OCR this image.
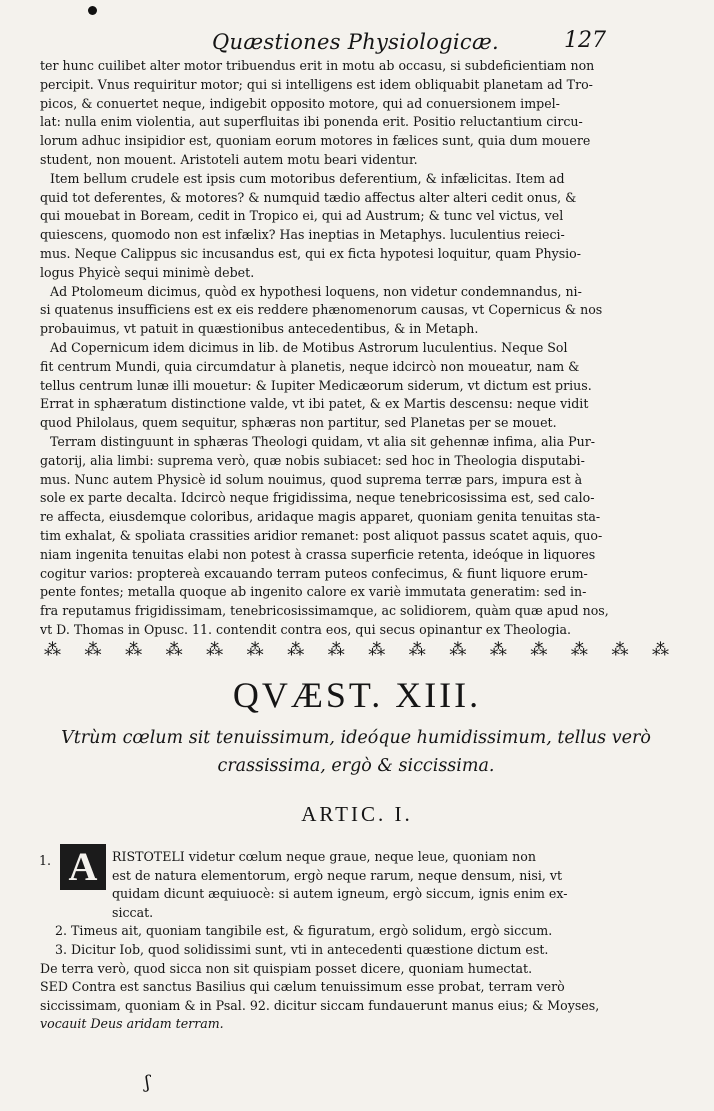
Quæstiones Physiologicæ.	127
ter hunc cuilibet alter motor tribuendus erit in motu ab occasu, si subdeficientiam non
percipit. Vnus requiritur motor; qui si intelligens est idem obliquabit planetam ad Tro-
picos, & conuertet neque, indigebit opposito motore, qui ad conuersionem impel-
lat: nulla enim violentia, aut superfluitas ibi ponenda erit. Positio reluctantium circu-
lorum adhuc insipidior est, quoniam eorum motores in fælices sunt, quia dum mouere
student, non mouent. Aristoteli autem motu beari videntur.
Item bellum crudele est ipsis cum motoribus deferentium, & infælicitas. Item ad
quid tot deferentes, & motores? & numquid tædio affectus alter alteri cedit onus, &
qui mouebat in Boream, cedit in Tropico ei, qui ad Austrum; & tunc vel victus, vel
quiescens, quomodo non est infælix? Has ineptias in Metaphys. luculentius reieci-
mus. Neque Calippus sic incusandus est, qui ex ficta hypotesi loquitur, quam Physio-
logus Phyicè sequi minimè debet.
Ad Ptolomeum dicimus, quòd ex hypothesi loquens, non videtur condemnandus, ni-
si quatenus insufficiens est ex eis reddere phænomenorum causas, vt Copernicus & nos
probauimus, vt patuit in quæstionibus antecedentibus, & in Metaph.
Ad Copernicum idem dicimus in lib. de Motibus Astrorum luculentius. Neque Sol
fit centrum Mundi, quia circumdatur à planetis, neque idcircò non moueatur, nam &
tellus centrum lunæ illi mouetur: & Iupiter Medicæorum siderum, vt dictum est prius.
Errat in sphæratum distinctione valde, vt ibi patet, & ex Martis descensu: neque vidit
quod Philolaus, quem sequitur, sphæras non partitur, sed Planetas per se mouet.
Terram distinguunt in sphæras Theologi quidam, vt alia sit gehennæ infima, alia Pur-
gatorij, alia limbi: suprema verò, quæ nobis subiacet: sed hoc in Theologia disputabi-
mus. Nunc autem Physicè id solum nouimus, quod suprema terræ pars, impura est à
sole ex parte decalta. Idcircò neque frigidissima, neque tenebricosissima est, sed calo-
re affecta, eiusdemque coloribus, aridaque magis apparet, quoniam genita tenuitas sta-
tim exhalat, & spoliata crassities aridior remanet: post aliquot passus scatet aquis, quo-
niam ingenita tenuitas elabi non potest à crassa superficie retenta, ideóque in liquores
cogitur varios: proptereà excauando terram puteos confecimus, & fiunt liquore erum-
pente fontes; metalla quoque ab ingenito calore ex variè immutata generatim: sed in-
fra reputamus frigidissimam, tenebricosissimamque, ac solidiorem, quàm quæ apud nos,
vt D. Thomas in Opusc. 11. contendit contra eos, qui secus opinantur ex Theologia.
⁂ ⁂ ⁂ ⁂ ⁂ ⁂ ⁂ ⁂ ⁂ ⁂ ⁂ ⁂ ⁂ ⁂ ⁂ ⁂
QVÆST. XIII.
Vtrùm cœlum sit tenuissimum, ideóque humidissimum, tellus verò
crassissima, ergò & siccissima.
ARTIC. I.
1. A	RISTOTELI videtur cœlum neque graue, neque leue, quoniam non
est de natura elementorum, ergò neque rarum, neque densum, nisi, vt
quidam dicunt æquiuocè: si autem igneum, ergò siccum, ignis enim ex-
siccat.
2. Timeus ait, quoniam tangibile est, & figuratum, ergò solidum, ergò siccum.
3. Dicitur Iob, quod solidissimi sunt, vti in antecedenti quæstione dictum est.
De terra verò, quod sicca non sit quispiam posset dicere, quoniam humectat.
SED Contra est sanctus Basilius qui cælum tenuissimum esse probat, terram verò
siccissimam, quoniam & in Psal. 92. dicitur siccam fundauerunt manus eius; & Moyses,
vocauit Deus aridam terram.
ʃ
